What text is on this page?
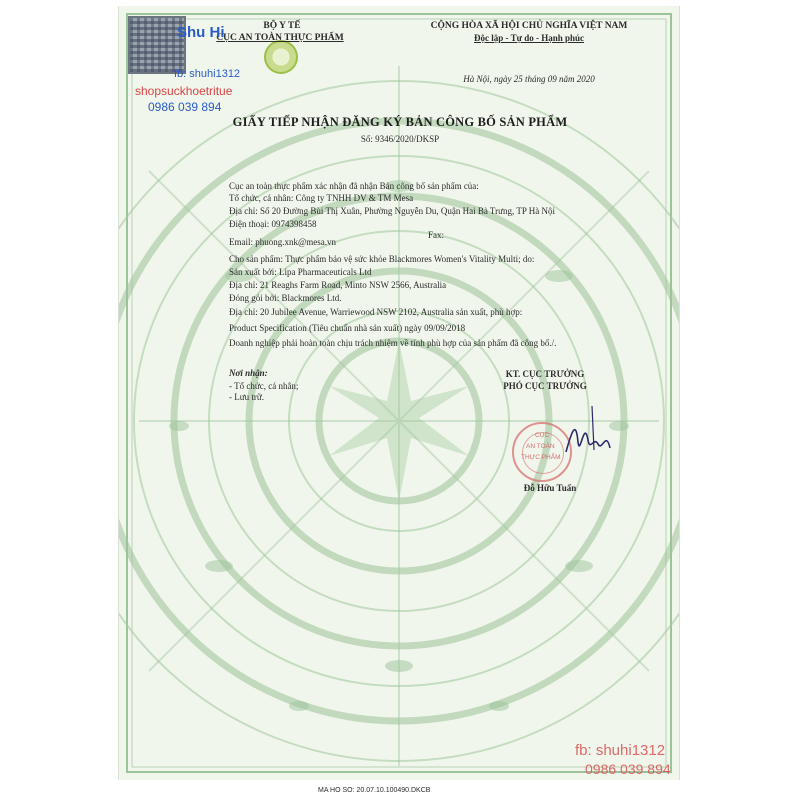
BỘ Y TẾ
CỤC AN TOÀN THỰC PHẨM
CỘNG HÒA XÃ HỘI CHỦ NGHĨA VIỆT NAM
Độc lập - Tự do - Hạnh phúc
Hà Nội, ngày 25 tháng 09 năm 2020
GIẤY TIẾP NHẬN ĐĂNG KÝ BẢN CÔNG BỐ SẢN PHẨM
Số: 9346/2020/DKSP
Cục an toàn thực phẩm xác nhận đã nhận Bản công bố sản phẩm của:
Tổ chức, cá nhân: Công ty TNHH DV & TM Mesa
Địa chỉ: Số 20 Đường Bùi Thị Xuân, Phường Nguyễn Du, Quận Hai Bà Trưng, TP Hà Nội
Điện thoại: 0974398458
Fax:
Email: phuong.xnk@mesa.vn
Cho sản phẩm: Thực phẩm bảo vệ sức khỏe Blackmores Women's Vitality Multi; do:
Sản xuất bởi: Lipa Pharmaceuticals Ltd
Địa chỉ: 21 Reaghs Farm Road, Minto NSW 2566, Australia
Đóng gói bởi: Blackmores Ltd.
Địa chỉ: 20 Jubilee Avenue, Warriewood NSW 2102, Australia sản xuất, phù hợp:
Product Specification (Tiêu chuẩn nhà sản xuất) ngày 09/09/2018
Doanh nghiệp phải hoàn toàn chịu trách nhiệm về tính phù hợp của sản phẩm đã công bố./.
Nơi nhận:
- Tổ chức, cá nhân;
- Lưu trữ.
KT. CỤC TRƯỞNG
PHÓ CỤC TRƯỞNG
CỤC
AN TOÀN
THỰC PHẨM
Đỗ Hữu Tuấn
MA HO SO: 20.07.10.100490.DKCB
Shu Hi
fb: shuhi1312
shopsuckhoetritue
0986 039 894
fb: shuhi1312
0986 039 894
